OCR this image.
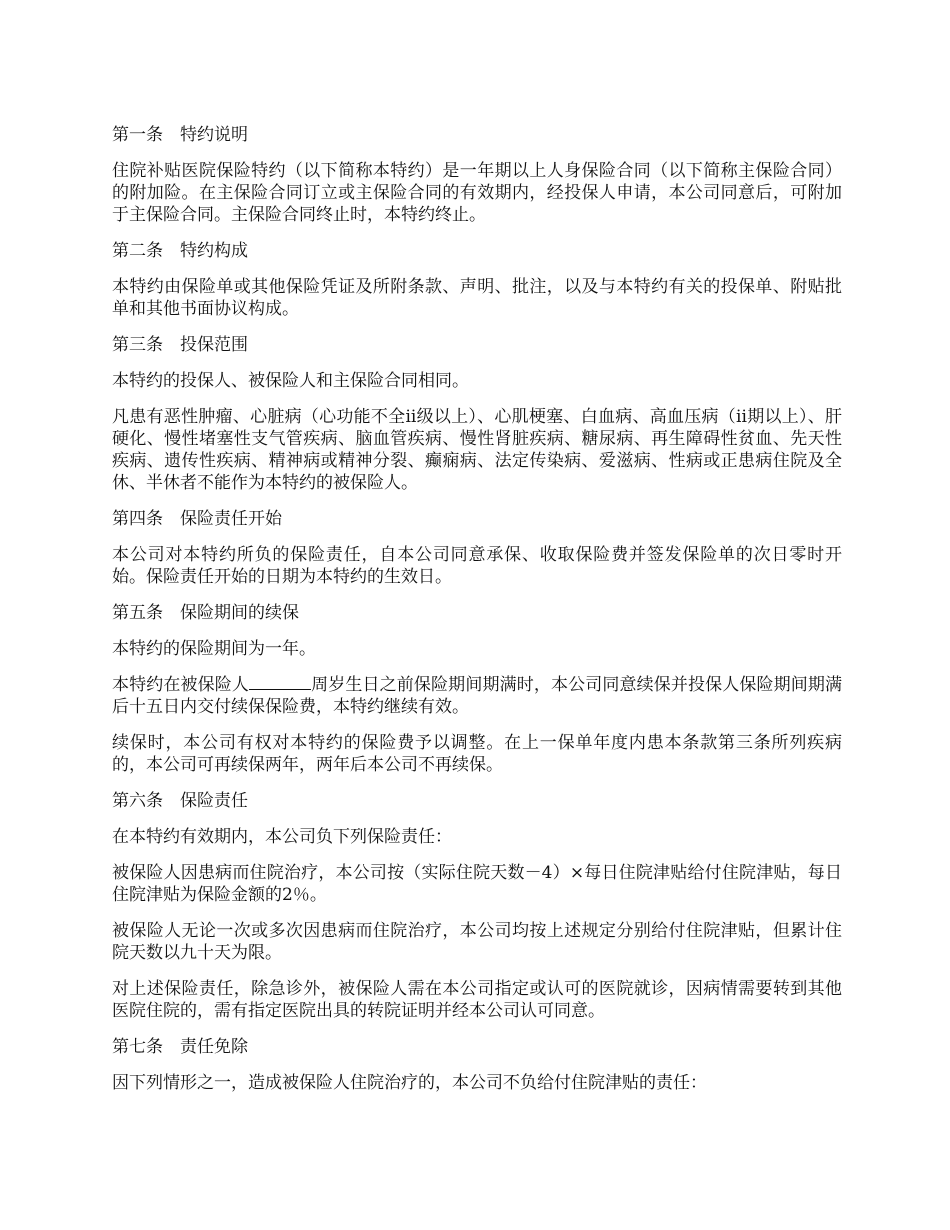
第一条　特约说明
住院补贴医院保险特约（以下简称本特约）是一年期以上人身保险合同（以下简称主保险合同）的附加险。在主保险合同订立或主保险合同的有效期内，经投保人申请，本公司同意后，可附加于主保险合同。主保险合同终止时，本特约终止。
第二条　特约构成
本特约由保险单或其他保险凭证及所附条款、声明、批注，以及与本特约有关的投保单、附贴批单和其他书面协议构成。
第三条　投保范围
本特约的投保人、被保险人和主保险合同相同。
凡患有恶性肿瘤、心脏病（心功能不全ii级以上）、心肌梗塞、白血病、高血压病（ii期以上）、肝硬化、慢性堵塞性支气管疾病、脑血管疾病、慢性肾脏疾病、糖尿病、再生障碍性贫血、先天性疾病、遗传性疾病、精神病或精神分裂、癫痫病、法定传染病、爱滋病、性病或正患病住院及全休、半休者不能作为本特约的被保险人。
第四条　保险责任开始
本公司对本特约所负的保险责任，自本公司同意承保、收取保险费并签发保险单的次日零时开始。保险责任开始的日期为本特约的生效日。
第五条　保险期间的续保
本特约的保险期间为一年。
本特约在被保险人	周岁生日之前保险期间期满时，本公司同意续保并投保人保险期间期满后十五日内交付续保保险费，本特约继续有效。
续保时，本公司有权对本特约的保险费予以调整。在上一保单年度内患本条款第三条所列疾病的，本公司可再续保两年，两年后本公司不再续保。
第六条　保险责任
在本特约有效期内，本公司负下列保险责任：
被保险人因患病而住院治疗，本公司按（实际住院天数－4）×每日住院津贴给付住院津贴，每日住院津贴为保险金额的2％。
被保险人无论一次或多次因患病而住院治疗，本公司均按上述规定分别给付住院津贴，但累计住院天数以九十天为限。
对上述保险责任，除急诊外，被保险人需在本公司指定或认可的医院就诊，因病情需要转到其他医院住院的，需有指定医院出具的转院证明并经本公司认可同意。
第七条　责任免除
因下列情形之一，造成被保险人住院治疗的，本公司不负给付住院津贴的责任：
